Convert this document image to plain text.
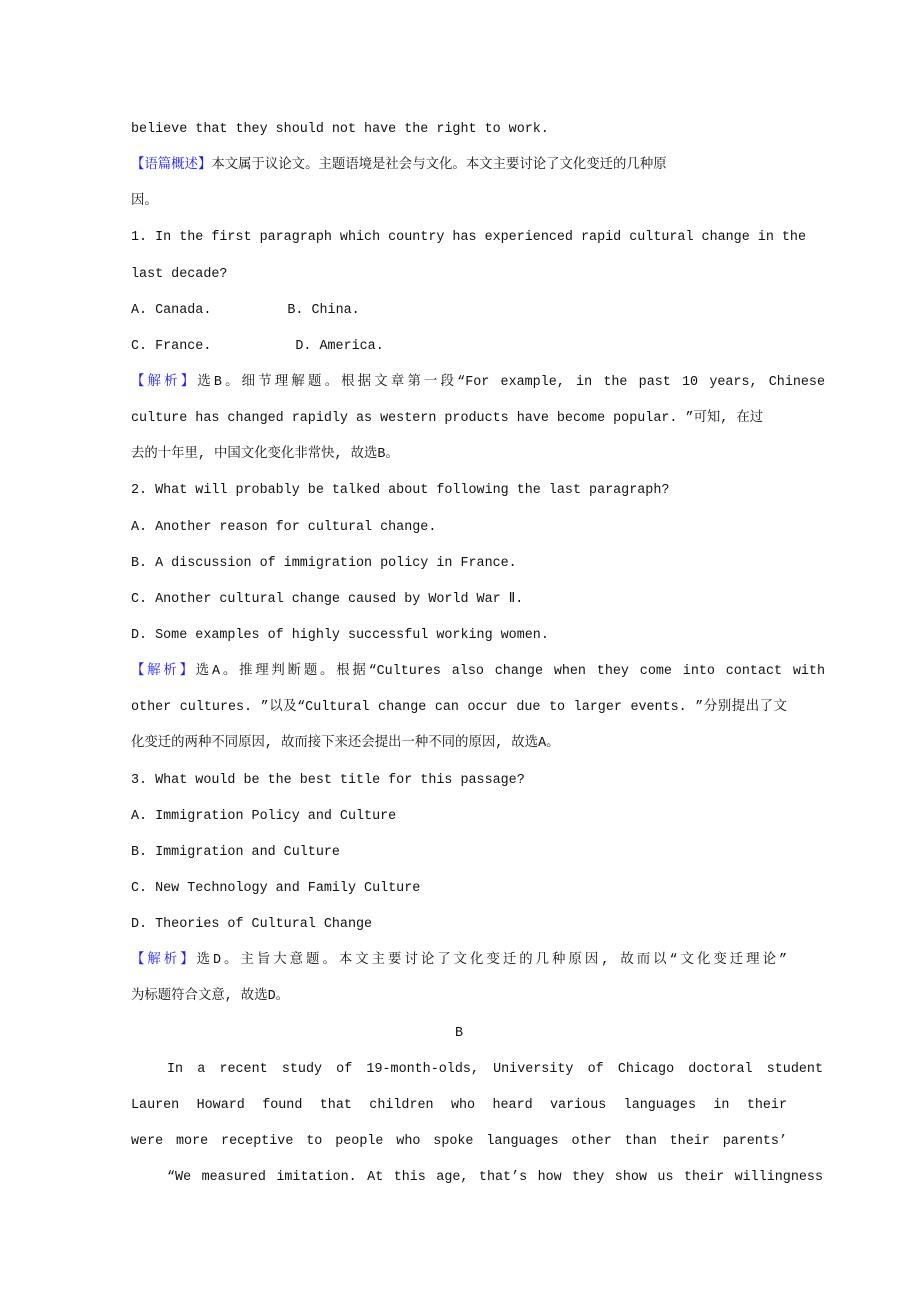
believe that they should not have the right to work.
【语篇概述】本文属于议论文。主题语境是社会与文化。本文主要讨论了文化变迁的几种原
因。
1. In the first paragraph which country has experienced rapid cultural change in the
last decade?
A. Canada.	B. China.
C. France.	D. America.
【解析】选B。细节理解题。根据文章第一段“For example, in the past 10 years, Chinese
culture has changed rapidly as western products have become popular. ”可知, 在过
去的十年里, 中国文化变化非常快, 故选B。
2. What will probably be talked about following the last paragraph?
A. Another reason for cultural change.
B. A discussion of immigration policy in France.
C. Another cultural change caused by World War Ⅱ.
D. Some examples of highly successful working women.
【解析】选A。推理判断题。根据“Cultures also change when they come into contact with
other cultures. ”以及“Cultural change can occur due to larger events. ”分别提出了文
化变迁的两种不同原因, 故而接下来还会提出一种不同的原因, 故选A。
3. What would be the best title for this passage?
A. Immigration Policy and Culture
B. Immigration and Culture
C. New Technology and Family Culture
D. Theories of Cultural Change
【解析】选D。主旨大意题。本文主要讨论了文化变迁的几种原因, 故而以“文化变迁理论”
为标题符合文意, 故选D。
B
In a recent study of 19-month-olds, University of Chicago doctoral student
Lauren Howard found that children who heard various languages in their
were more receptive to people who spoke languages other than their parents’
“We measured imitation. At this age, that’s how they show us their willingness
